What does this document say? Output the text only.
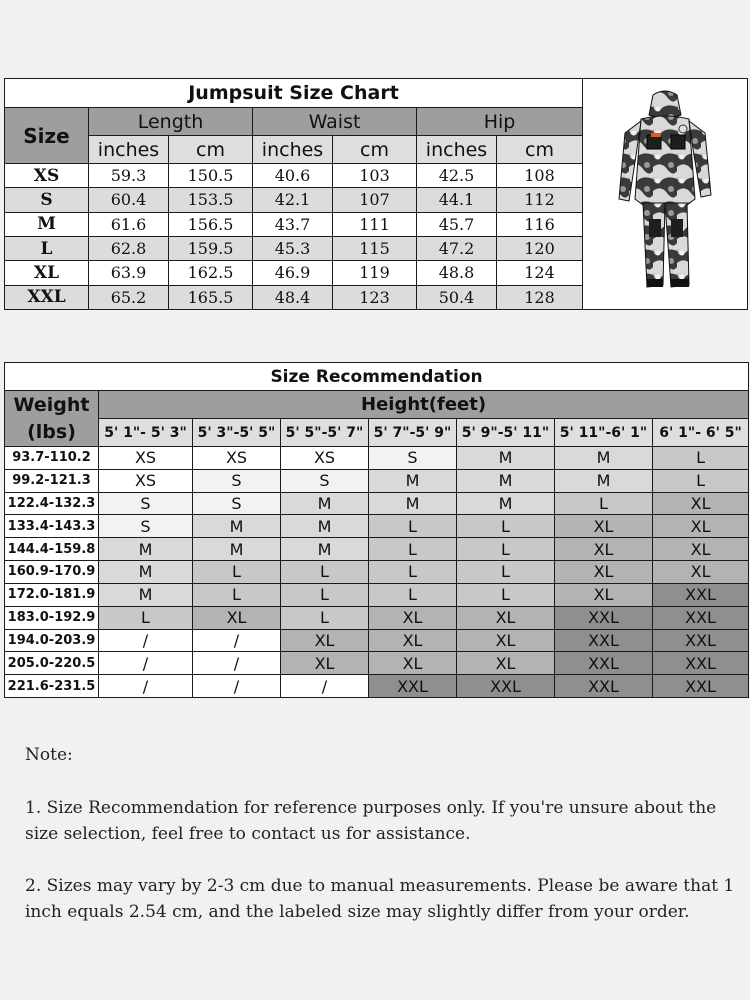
Jumpsuit Size Chart						
Size	Length		Waist		Hip	
	inches	cm	inches	cm	inches	cm
XS	59.3	150.5	40.6	103	42.5	108
S	60.4	153.5	42.1	107	44.1	112
M	61.6	156.5	43.7	111	45.7	116
L	62.8	159.5	45.3	115	47.2	120
XL	63.9	162.5	46.9	119	48.8	124
XXL	65.2	165.5	48.4	123	50.4	128
NANDN
Size Recommendation							

Weight
(lbs)	Height(feet)						
	5' 1"- 5' 3"	5' 3"-5' 5"	5' 5"-5' 7"	5' 7"-5' 9"	5' 9"-5' 11"	5' 11"-6' 1"	6' 1"- 6' 5"
93.7-110.2	XS	XS	XS	S	M	M	L
99.2-121.3	XS	S	S	M	M	M	L
122.4-132.3	S	S	M	M	M	L	XL
133.4-143.3	S	M	M	L	L	XL	XL
144.4-159.8	M	M	M	L	L	XL	XL
160.9-170.9	M	L	L	L	L	XL	XL
172.0-181.9	M	L	L	L	L	XL	XXL
183.0-192.9	L	XL	L	XL	XL	XXL	XXL
194.0-203.9	/	/	XL	XL	XL	XXL	XXL
205.0-220.5	/	/	XL	XL	XL	XXL	XXL
221.6-231.5	/	/	/	XXL	XXL	XXL	XXL

Note:

1. Size Recommendation for reference purposes only. If you're unsure about the size selection, feel free to contact us for assistance.

2. Sizes may vary by 2-3 cm due to manual measurements. Please be aware that 1 inch equals 2.54 cm, and the labeled size may slightly differ from your order.
